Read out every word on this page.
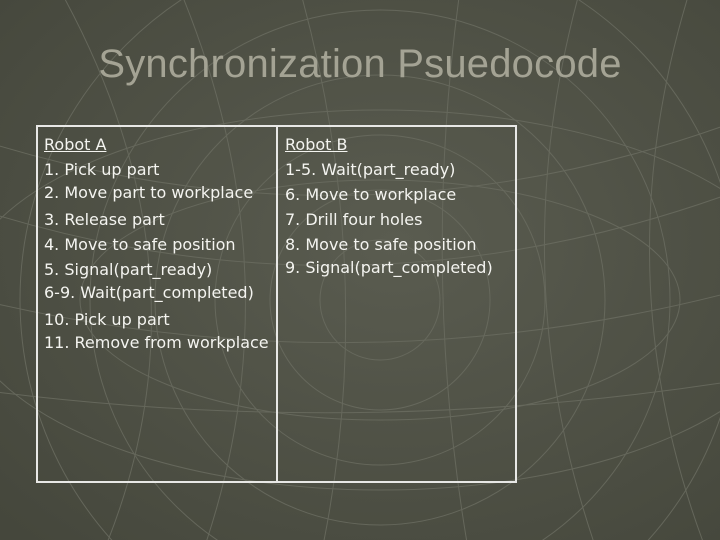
Synchronization Psuedocode
Robot A
1. Pick up part
2. Move part to workplace
3. Release part
4. Move to safe position
5. Signal(part_ready)
6-9. Wait(part_completed)
10. Pick up part
11. Remove from workplace
Robot B
1-5. Wait(part_ready)
6. Move to workplace
7. Drill four holes
8. Move to safe position
9. Signal(part_completed)
